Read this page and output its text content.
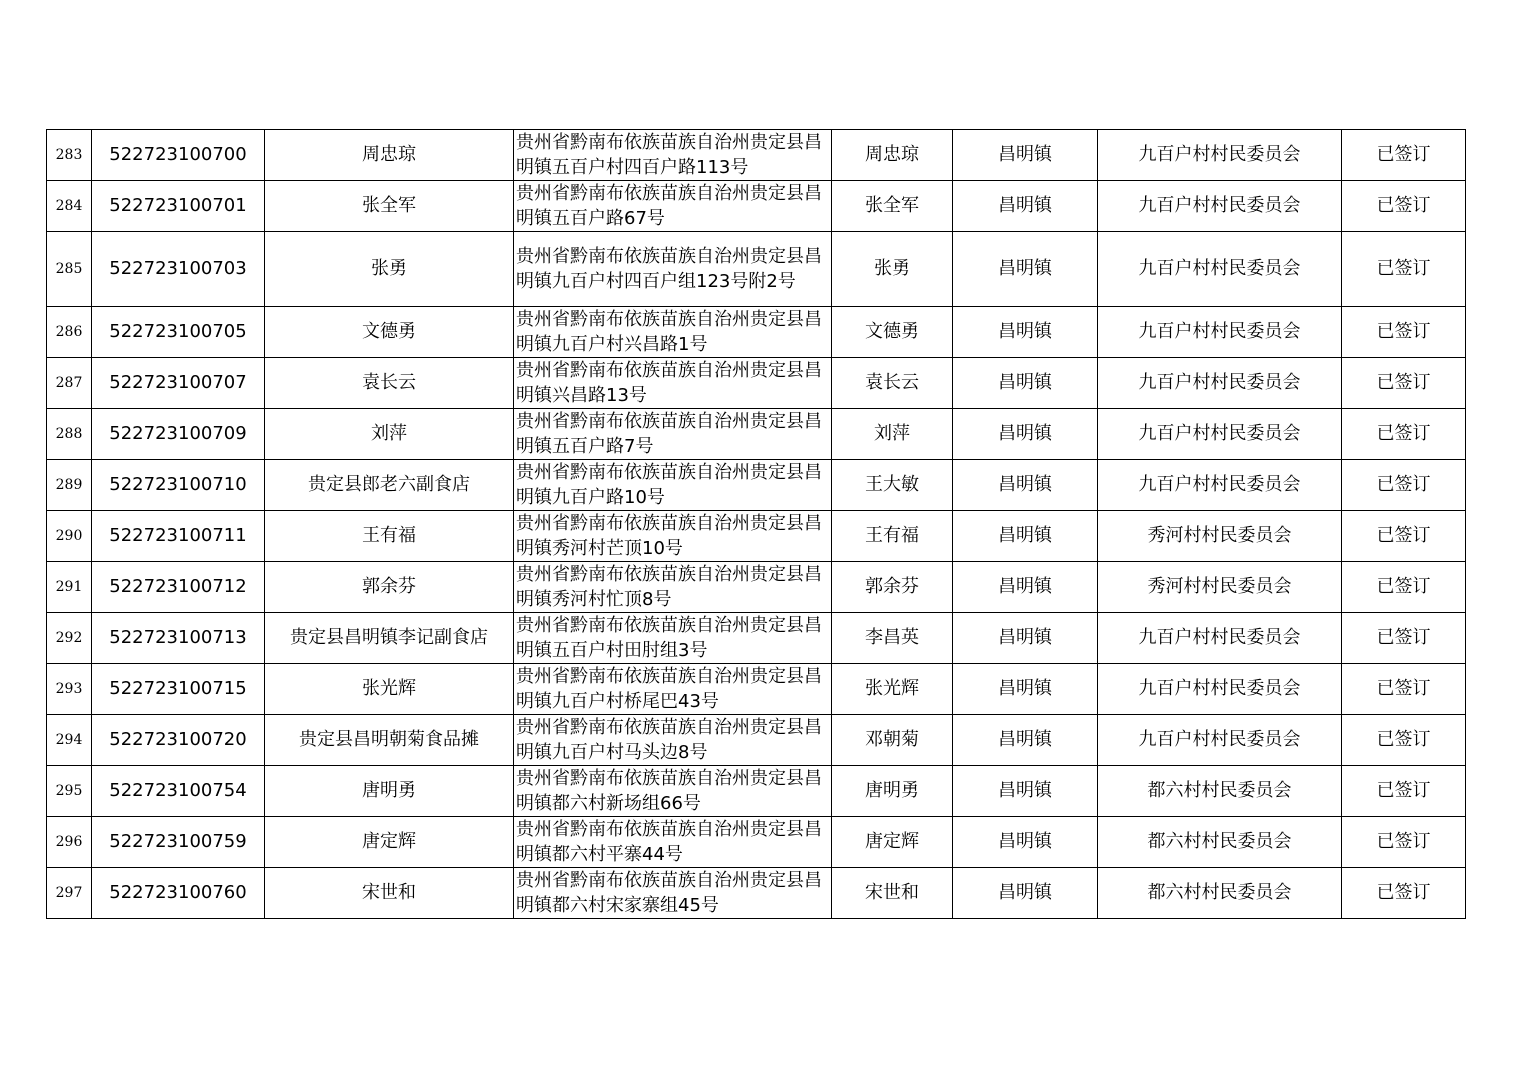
283	522723100700	周忠琼	贵州省黔南布依族苗族自治州贵定县昌明镇五百户村四百户路113号	周忠琼	昌明镇	九百户村村民委员会	已签订
284	522723100701	张全军	贵州省黔南布依族苗族自治州贵定县昌明镇五百户路67号	张全军	昌明镇	九百户村村民委员会	已签订
285	522723100703	张勇	贵州省黔南布依族苗族自治州贵定县昌明镇九百户村四百户组123号附2号	张勇	昌明镇	九百户村村民委员会	已签订
286	522723100705	文德勇	贵州省黔南布依族苗族自治州贵定县昌明镇九百户村兴昌路1号	文德勇	昌明镇	九百户村村民委员会	已签订
287	522723100707	袁长云	贵州省黔南布依族苗族自治州贵定县昌明镇兴昌路13号	袁长云	昌明镇	九百户村村民委员会	已签订
288	522723100709	刘萍	贵州省黔南布依族苗族自治州贵定县昌明镇五百户路7号	刘萍	昌明镇	九百户村村民委员会	已签订
289	522723100710	贵定县郎老六副食店	贵州省黔南布依族苗族自治州贵定县昌明镇九百户路10号	王大敏	昌明镇	九百户村村民委员会	已签订
290	522723100711	王有福	贵州省黔南布依族苗族自治州贵定县昌明镇秀河村芒顶10号	王有福	昌明镇	秀河村村民委员会	已签订
291	522723100712	郭余芬	贵州省黔南布依族苗族自治州贵定县昌明镇秀河村忙顶8号	郭余芬	昌明镇	秀河村村民委员会	已签订
292	522723100713	贵定县昌明镇李记副食店	贵州省黔南布依族苗族自治州贵定县昌明镇五百户村田肘组3号	李昌英	昌明镇	九百户村村民委员会	已签订
293	522723100715	张光辉	贵州省黔南布依族苗族自治州贵定县昌明镇九百户村桥尾巴43号	张光辉	昌明镇	九百户村村民委员会	已签订
294	522723100720	贵定县昌明朝菊食品摊	贵州省黔南布依族苗族自治州贵定县昌明镇九百户村马头边8号	邓朝菊	昌明镇	九百户村村民委员会	已签订
295	522723100754	唐明勇	贵州省黔南布依族苗族自治州贵定县昌明镇都六村新场组66号	唐明勇	昌明镇	都六村村民委员会	已签订
296	522723100759	唐定辉	贵州省黔南布依族苗族自治州贵定县昌明镇都六村平寨44号	唐定辉	昌明镇	都六村村民委员会	已签订
297	522723100760	宋世和	贵州省黔南布依族苗族自治州贵定县昌明镇都六村宋家寨组45号	宋世和	昌明镇	都六村村民委员会	已签订
